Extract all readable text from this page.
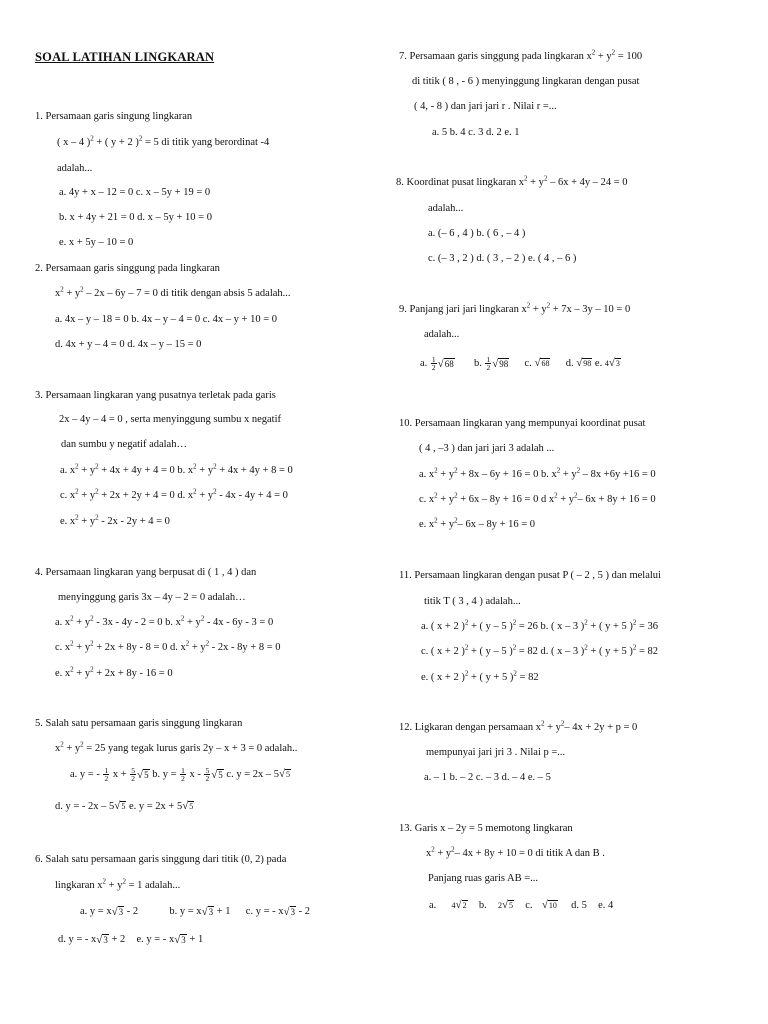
SOAL LATIHAN LINGKARAN
1. Persamaan garis singung lingkaran
( x – 4 )$^2$ + ( y + 2 )$^2$ = 5 di titik yang berordinat -4
adalah...
a. 4y + x – 12 = 0 c. x – 5y + 19 = 0
b. x + 4y + 21 = 0 d. x – 5y + 10 = 0
e. x + 5y – 10 = 0
2. Persamaan garis singgung pada lingkaran
$x^2 + y^2 - 2x - 6y - 7 = 0$ di titik dengan absis 5 adalah...
a. 4x – y – 18 = 0 b. 4x – y – 4 = 0 c. 4x – y + 10 = 0
d. 4x + y – 4 = 0 d. 4x – y – 15 = 0
3. Persamaan lingkaran yang pusatnya terletak pada garis
2x – 4y – 4 = 0 , serta menyinggung sumbu x negatif
dan sumbu y negatif adalah…
a. $x^2 + y^2 + 4x + 4y + 4 = 0$ b. $x^2 + y^2 + 4x + 4y + 8 = 0$
c. $x^2 + y^2 + 2x + 2y + 4 = 0$ d. $x^2 + y^2 - 4x - 4y + 4 = 0$
e. $x^2 + y^2 - 2x - 2y + 4 = 0$
4. Persamaan lingkaran yang berpusat di ( 1 , 4 ) dan
menyinggung garis 3x – 4y – 2 = 0 adalah…
a. $x^2 + y^2 - 3x - 4y - 2 = 0$ b. $x^2 + y^2 - 4x - 6y - 3 = 0$
c. $x^2 + y^2 + 2x + 8y - 8 = 0$ d. $x^2 + y^2 - 2x - 8y + 8 = 0$
e. $x^2 + y^2 + 2x + 8y - 16 = 0$
5. Salah satu persamaan garis singgung lingkaran
$x^2 + y^2 = 25$ yang tegak lurus garis 2y – x + 3 = 0 adalah..
a. y = - $\frac{1}{2}$ $x + \frac{5}{2} √5$ b. $y = \frac{1}{2}$ x - $\frac{5}{2} √5$ c. y = 2x – 5√5
d. y = - 2x – 5√5 e. y = 2x + 5√5
6. Salah satu persamaan garis singgung dari titik (0, 2) pada
lingkaran $x^2 + y^2 = 1$ adalah...
a. y = x√3 - 2	b. y = x√3 + 1 c. y = - x√3 - 2
d. y = - x√3 + 2 e. y = - x√3 + 1
7. Persamaan garis singgung pada lingkaran $x^2 + y^2 = 100$
di titik ( 8 , - 6 ) menyinggung lingkaran dengan pusat
( 4, - 8 ) dan jari jari r . Nilai r =...
a. 5 b. 4 c. 3 d. 2 e. 1
8. Koordinat pusat lingkaran $x^2 + y^2 - 6x + 4y - 24 = 0$
adalah...
a. (– 6 , 4 ) b. ( 6 , – 4 )
c. (– 3 , 2 ) d. ( 3 , – 2 ) e. ( 4 , – 6 )
9. Panjang jari jari lingkaran $x^2 + y^2 + 7x - 3y - 10 = 0$
adalah...
a. $\frac{1}{2} √68$ b. $\frac{1}{2} √98$ c. √68 d. √98 e. 4√3
10. Persamaan lingkaran yang mempunyai koordinat pusat
( 4 , –3 ) dan jari jari 3 adalah ...
a. $x^2 + y^2 + 8x - 6y + 16 = 0$ b. $x^2 + y^2 - 8x +6y +16 = 0$
c. $x^2 + y^2 + 6x - 8y + 16 = 0$ d $x^2 + y^2-$ 6x + 8y + 16 = 0
e. $x^2 + y^2-$ 6x – 8y + 16 = 0
11. Persamaan lingkaran dengan pusat P ( – 2 , 5 ) dan melalui
titik T ( 3 , 4 ) adalah...
a. ( x + 2 )$^2$ + ( y – 5 )$^2$ = 26 b. ( x – 3 )$^2$ + ( y + 5 )$^2$ = 36
c. ( x + 2 )$^2$ + ( y – 5 )$^2$ = 82 d. ( x – 3 )$^2$ + ( y + 5 )$^2$ = 82
e. ( x + 2 )$^2$ + ( y + 5 )$^2$ = 82
12. Ligkaran dengan persamaan $x^2 + y^2-$ 4x + 2y + p = 0
mempunyai jari jri 3 . Nilai p =...
a. – 1 b. – 2 c. – 3 d. – 4 e. – 5
13. Garis x – 2y = 5 memotong lingkaran
$x^2 + y^2-$ 4x + 8y + 10 = 0 di titik A dan B .
Panjang ruas garis AB =...
a. 4√2 b. 2√5 c. √10 d. 5 e. 4
